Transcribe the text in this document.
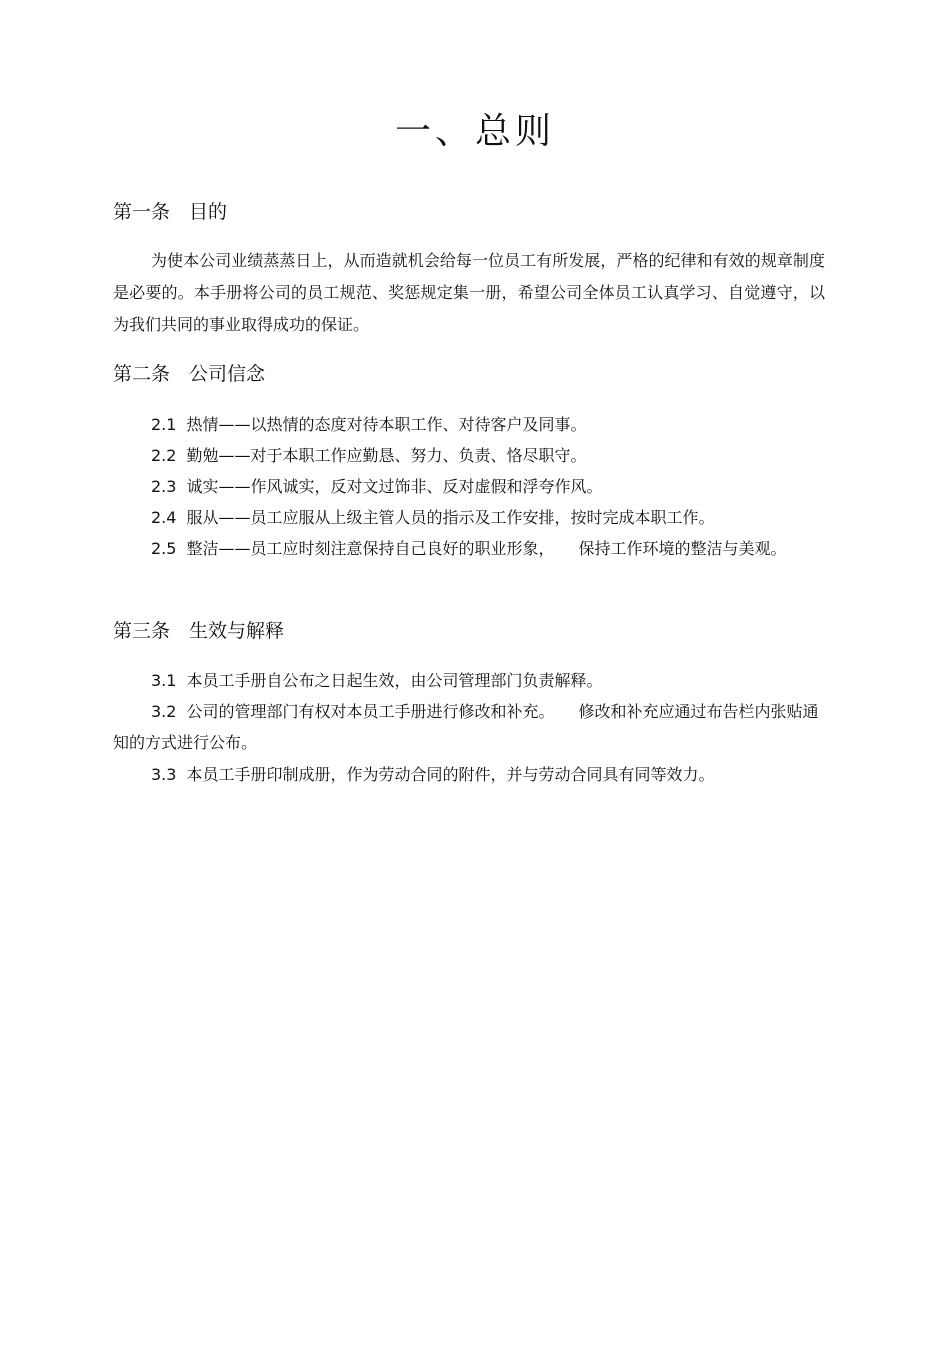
一、总则
第一条　目的

为使本公司业绩蒸蒸日上，从而造就机会给每一位员工有所发展，严格的纪律和有效的规章制度是必要的。本手册将公司的员工规范、奖惩规定集一册，希望公司全体员工认真学习、自觉遵守，以为我们共同的事业取得成功的保证。

第二条　公司信念

2.1 热情——以热情的态度对待本职工作、对待客户及同事。

2.2 勤勉——对于本职工作应勤恳、努力、负责、恪尽职守。

2.3 诚实——作风诚实，反对文过饰非、反对虚假和浮夸作风。

2.4 服从——员工应服从上级主管人员的指示及工作安排，按时完成本职工作。

2.5 整洁——员工应时刻注意保持自己良好的职业形象，　　保持工作环境的整洁与美观。

第三条　生效与解释

3.1 本员工手册自公布之日起生效，由公司管理部门负责解释。

3.2 公司的管理部门有权对本员工手册进行修改和补充。　　修改和补充应通过布告栏内张贴通知的方式进行公布。

3.3 本员工手册印制成册，作为劳动合同的附件，并与劳动合同具有同等效力。
